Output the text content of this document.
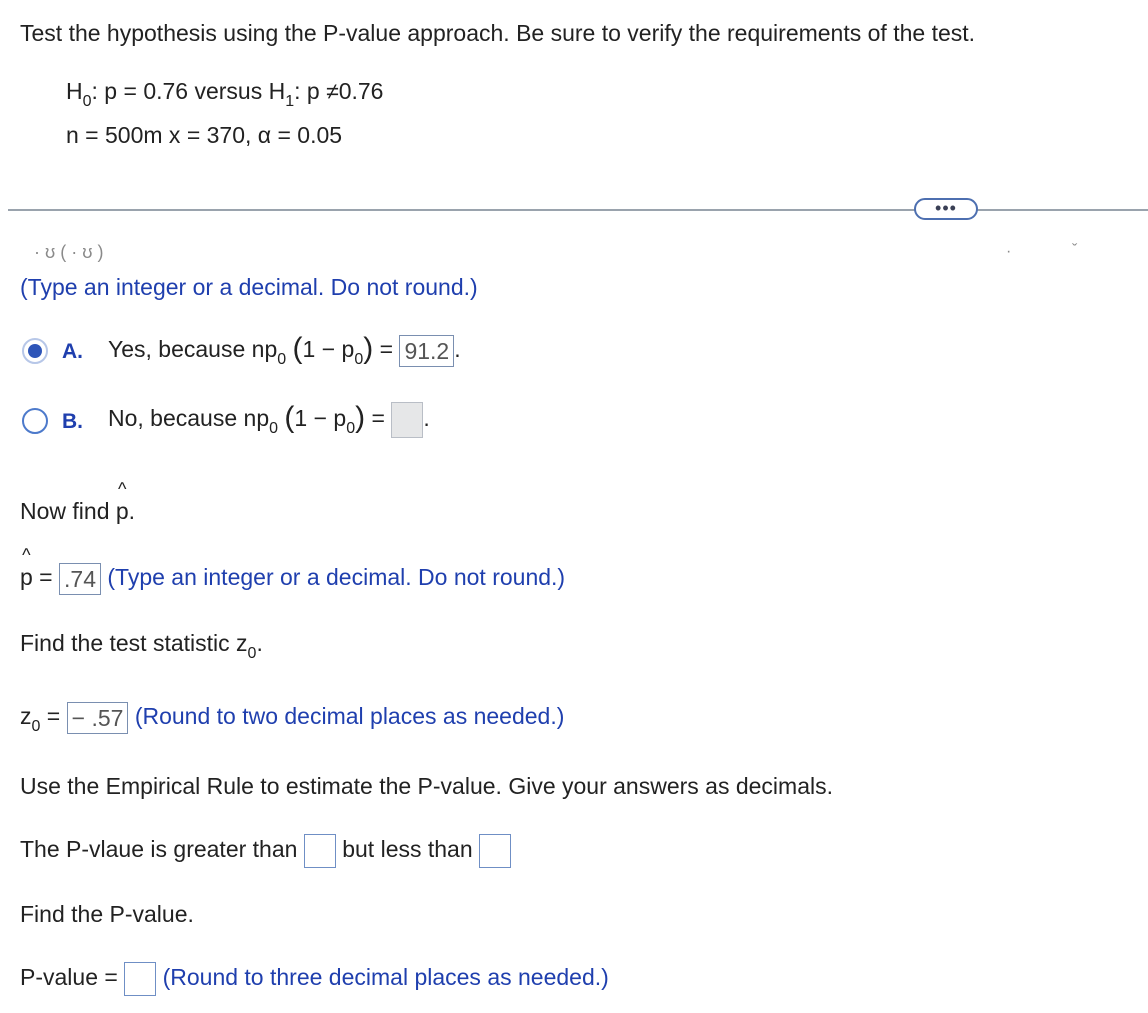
Test the hypothesis using the P-value approach. Be sure to verify the requirements of the test.
$H_0$: p = 0.76 versus $H_1$: p ≠0.76
n = 500m x = 370, α = 0.05
•••
· ʊ ( · ʊ )	·	ˇ
(Type an integer or a decimal. Do not round.)
A. Yes, because $np_0$ $(1 - p_0) = 91.2$ .
B. No, because $np_0$ $(1 - p_0)$ = .
Now find ^ p.
^ p = .74 (Type an integer or a decimal. Do not round.)
Find the test statistic $z_0$.
$z_0$ = − .57 (Round to two decimal places as needed.)
Use the Empirical Rule to estimate the P-value. Give your answers as decimals.
The P-vlaue is greater than but less than
Find the P-value.
P-value = (Round to three decimal places as needed.)
